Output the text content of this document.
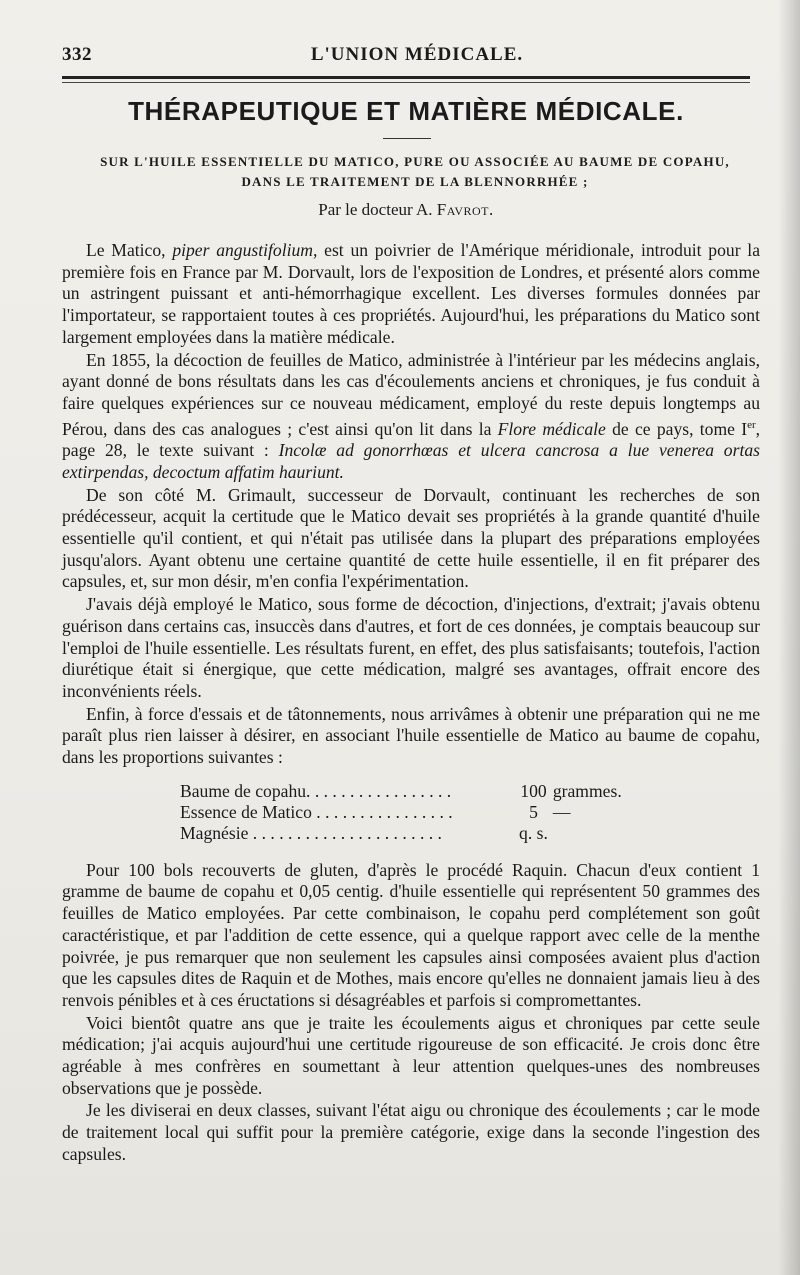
332	L'UNION MÉDICALE.
THÉRAPEUTIQUE ET MATIÈRE MÉDICALE.
SUR L'HUILE ESSENTIELLE DU MATICO, PURE OU ASSOCIÉE AU BAUME DE COPAHU,
DANS LE TRAITEMENT DE LA BLENNORRHÉE ;
Par le docteur A. Favrot.

Le Matico, piper angustifolium, est un poivrier de l'Amérique méridionale, introduit pour la première fois en France par M. Dorvault, lors de l'exposition de Londres, et présenté alors comme un astringent puissant et anti-hémorrhagique excellent. Les diverses formules données par l'importateur, se rapportaient toutes à ces propriétés. Aujourd'hui, les préparations du Matico sont largement employées dans la matière médicale.

En 1855, la décoction de feuilles de Matico, administrée à l'intérieur par les médecins anglais, ayant donné de bons résultats dans les cas d'écoulements anciens et chroniques, je fus conduit à faire quelques expériences sur ce nouveau médicament, employé du reste depuis longtemps au Pérou, dans des cas analogues ; c'est ainsi qu'on lit dans la Flore médicale de ce pays, tome Ier, page 28, le texte suivant : Incolæ ad gonorrhœas et ulcera cancrosa a lue venerea ortas extirpendas, decoctum affatim hauriunt.

De son côté M. Grimault, successeur de Dorvault, continuant les recherches de son prédécesseur, acquit la certitude que le Matico devait ses propriétés à la grande quantité d'huile essentielle qu'il contient, et qui n'était pas utilisée dans la plupart des préparations employées jusqu'alors. Ayant obtenu une certaine quantité de cette huile essentielle, il en fit préparer des capsules, et, sur mon désir, m'en confia l'expérimentation.

J'avais déjà employé le Matico, sous forme de décoction, d'injections, d'extrait; j'avais obtenu guérison dans certains cas, insuccès dans d'autres, et fort de ces données, je comptais beaucoup sur l'emploi de l'huile essentielle. Les résultats furent, en effet, des plus satisfaisants; toutefois, l'action diurétique était si énergique, que cette médication, malgré ses avantages, offrait encore des inconvénients réels.

Enfin, à force d'essais et de tâtonnements, nous arrivâmes à obtenir une préparation qui ne me paraît plus rien laisser à désirer, en associant l'huile essentielle de Matico au baume de copahu, dans les proportions suivantes :

Baume de copahu. . . . . . . . . . . . . . . . .	100 grammes.
Essence de Matico . . . . . . . . . . . . . . . .	5 —
Magnésie . . . . . . . . . . . . . . . . . . . . . .	q. s.

Pour 100 bols recouverts de gluten, d'après le procédé Raquin. Chacun d'eux contient 1 gramme de baume de copahu et 0,05 centig. d'huile essentielle qui représentent 50 grammes des feuilles de Matico employées. Par cette combinaison, le copahu perd complétement son goût caractéristique, et par l'addition de cette essence, qui a quelque rapport avec celle de la menthe poivrée, je pus remarquer que non seulement les capsules ainsi composées avaient plus d'action que les capsules dites de Raquin et de Mothes, mais encore qu'elles ne donnaient jamais lieu à des renvois pénibles et à ces éructations si désagréables et parfois si compromettantes.

Voici bientôt quatre ans que je traite les écoulements aigus et chroniques par cette seule médication; j'ai acquis aujourd'hui une certitude rigoureuse de son efficacité. Je crois donc être agréable à mes confrères en soumettant à leur attention quelques-unes des nombreuses observations que je possède.

Je les diviserai en deux classes, suivant l'état aigu ou chronique des écoulements ; car le mode de traitement local qui suffit pour la première catégorie, exige dans la seconde l'ingestion des capsules.
